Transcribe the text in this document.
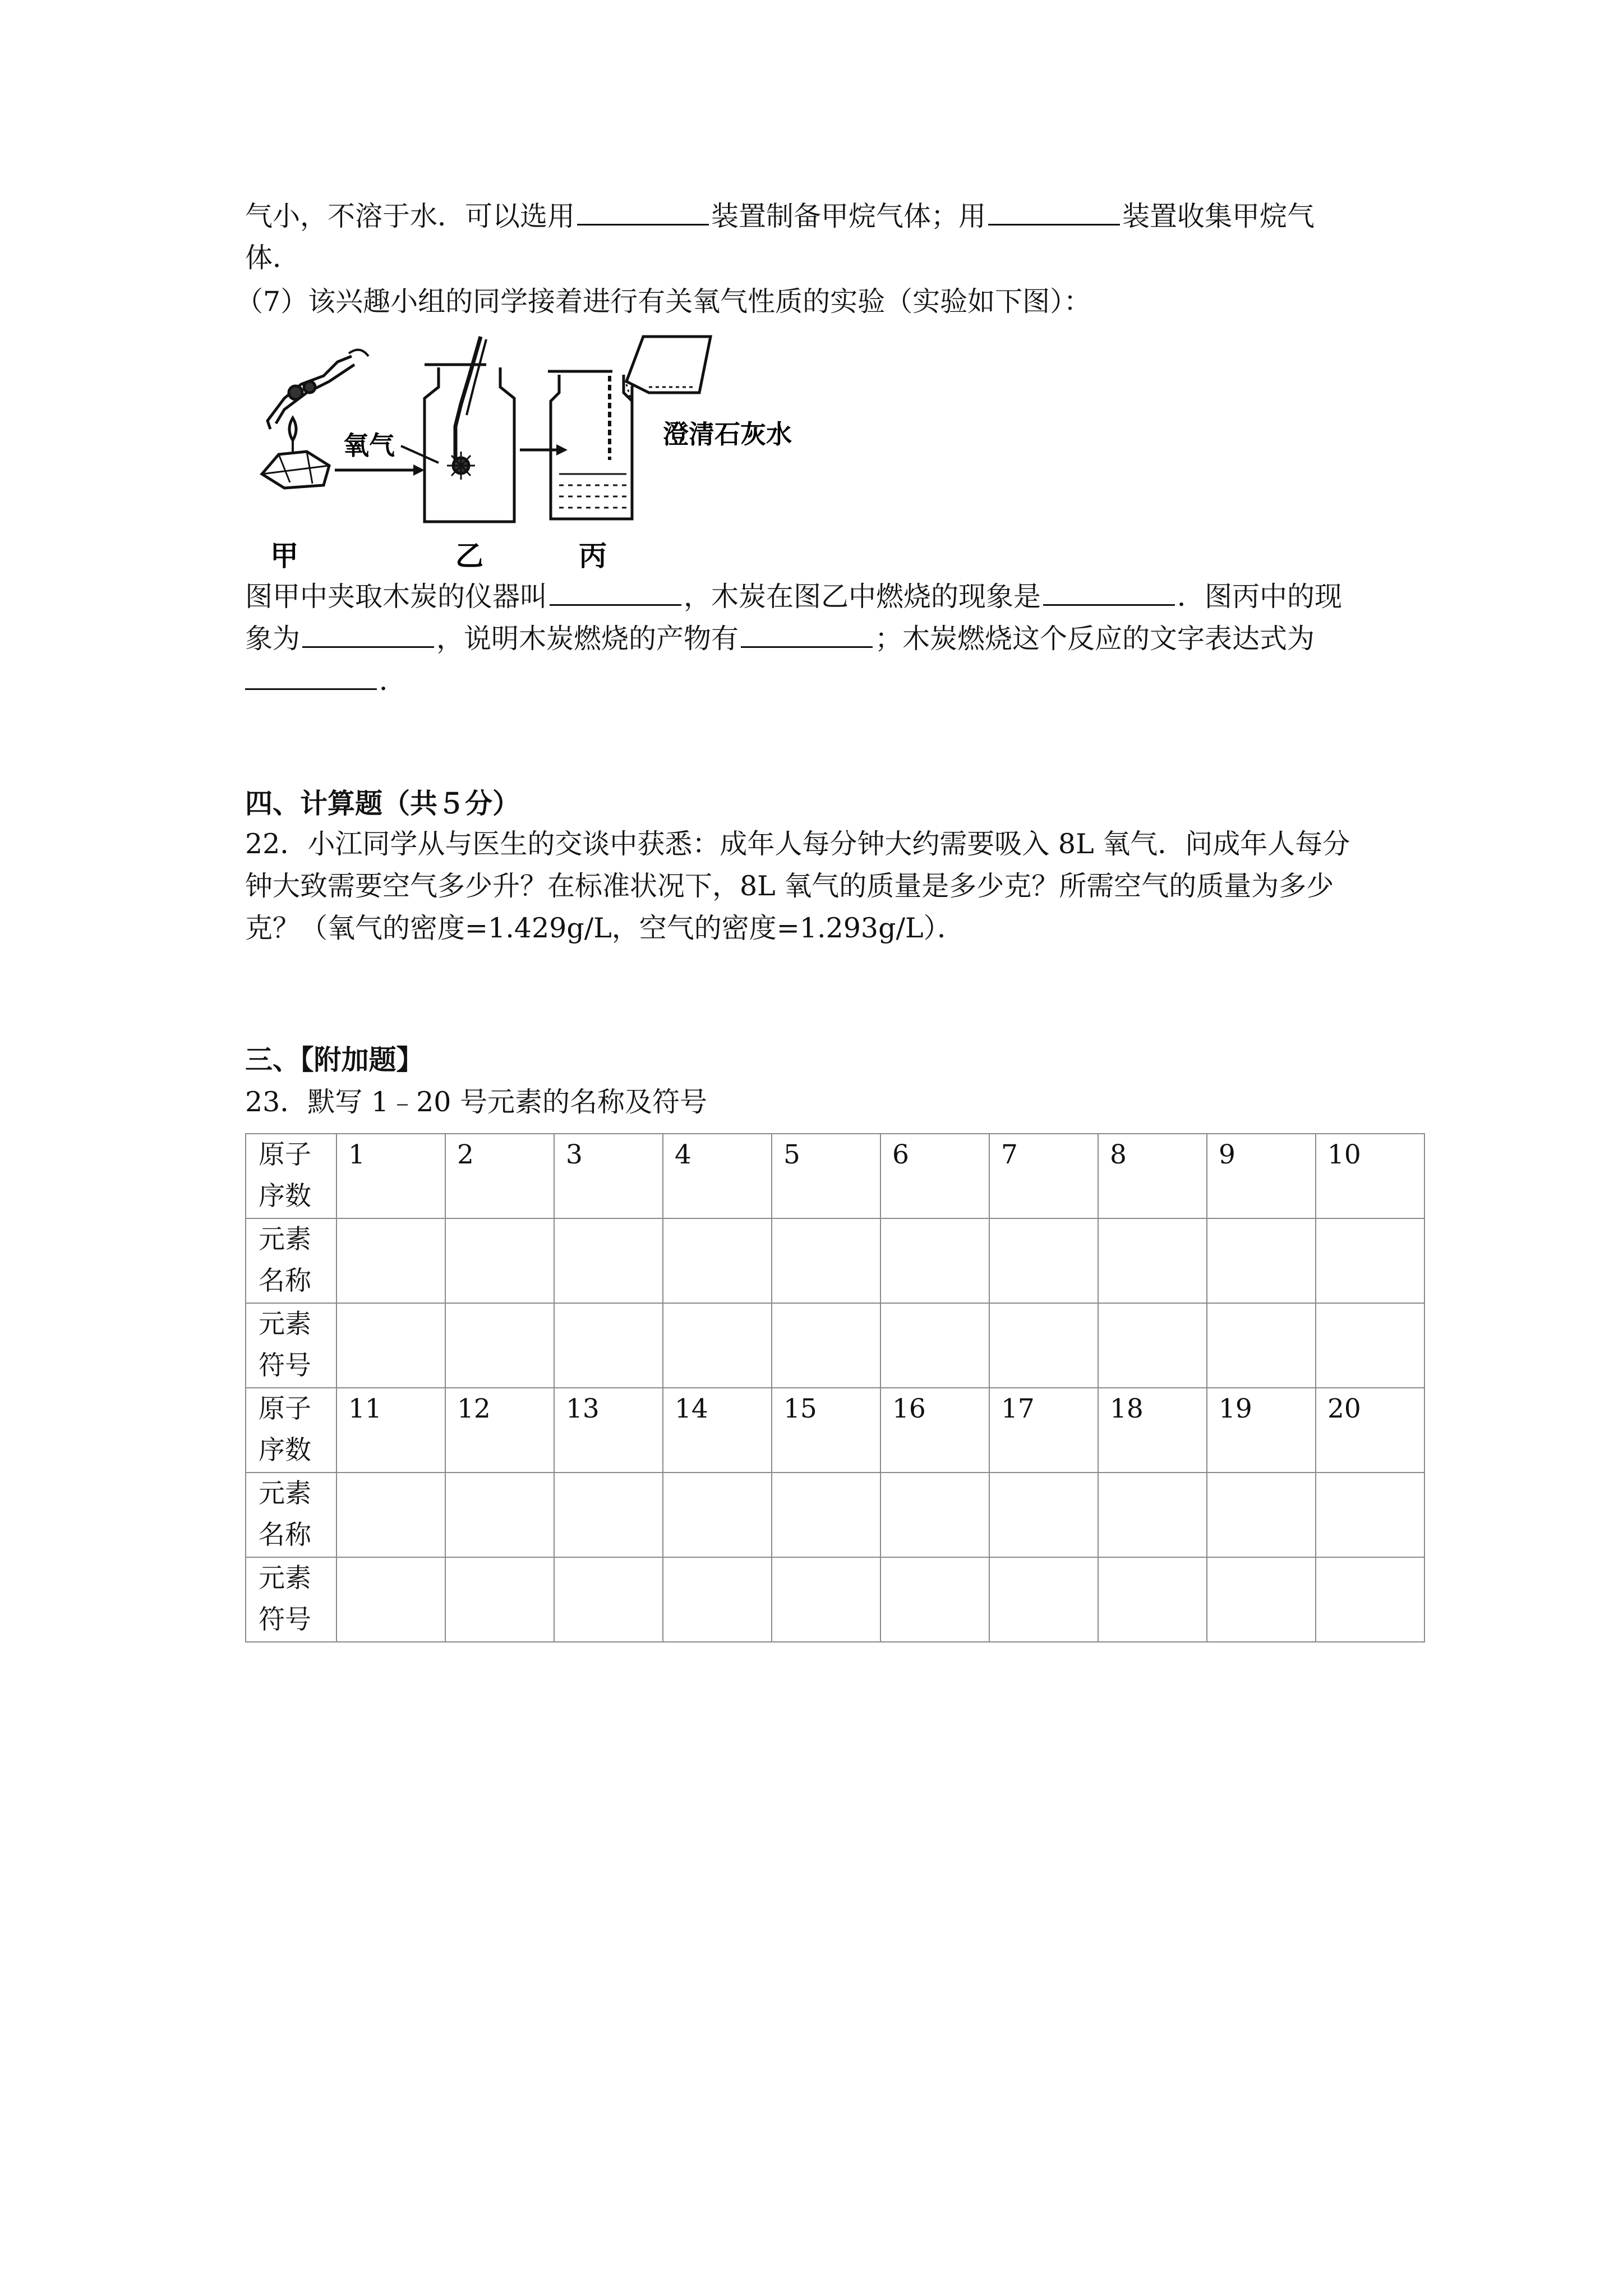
气小，不溶于水．可以选用	装置制备甲烷气体；用	装置收集甲烷气
体．
（7）该兴趣小组的同学接着进行有关氧气性质的实验（实验如下图）：
氧气	澄清石灰水
甲	乙	丙
图甲中夹取木炭的仪器叫	，木炭在图乙中燃烧的现象是	．图丙中的现
象为	，说明木炭燃烧的产物有	；木炭燃烧这个反应的文字表达式为
．
四、计算题（共５分）
22．小江同学从与医生的交谈中获悉：成年人每分钟大约需要吸入 8L 氧气．问成年人每分
钟大致需要空气多少升？在标准状况下，8L 氧气的质量是多少克？所需空气的质量为多少
克？（氧气的密度=1.429g/L，空气的密度=1.293g/L）．
三、【附加题】
23．默写 1﹣20 号元素的名称及符号
原子
序数	1	2	3	4	5	6	7	8	9	10

元素
名称										

元素
符号										

原子
序数	11	12	13	14	15	16	17	18	19	20

元素
名称										

元素
符号										
